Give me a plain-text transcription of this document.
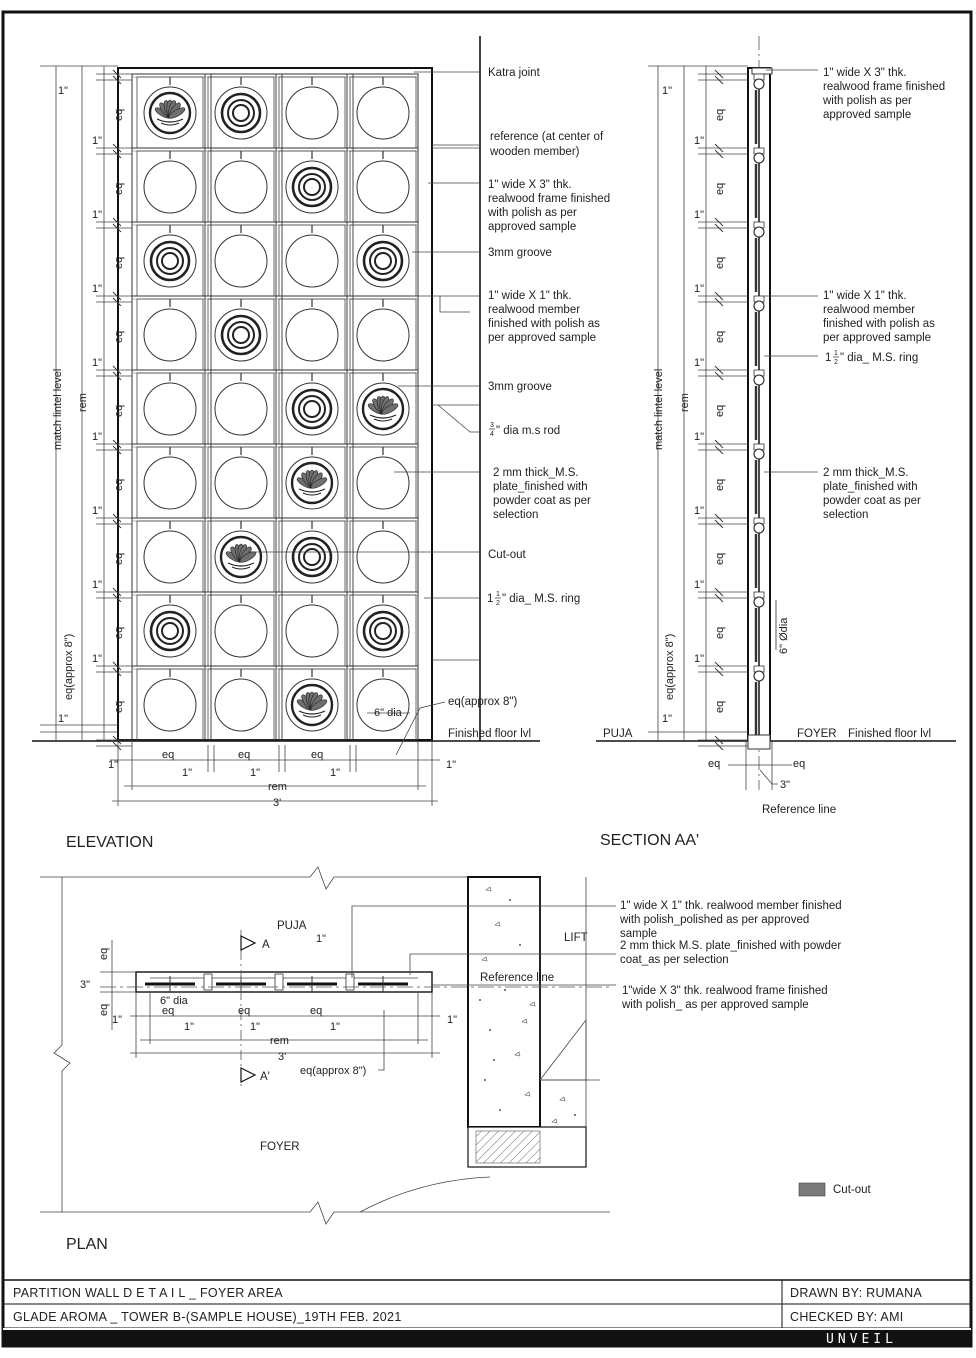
eq
eq
1"
eq
1"
eq
1"
eq
1"
eq
1"
eq
1"
eq
1"
eq
1"
1"
1"
match lintel level rem
eq(approx 8")
1"
eq	eq	eq
1"	1"	1"
1"
rem
3'
Katra joint
reference (at center of
wooden member)
1" wide X 3" thk.
realwood frame finished
with polish as per
approved sample
3mm groove
1" wide X 1" thk.
realwood member
finished with polish as
per approved sample
3mm groove
3
4 " dia m.s rod
2 mm thick_M.S.
plate_finished with
powder coat as per
selection
Cut-out
1 1
2 " dia_ M.S. ring
eq(approx 8")
6" dia
Finished floor lvl
ELEVATION
eq
eq
1"
eq
1"
eq
1"
eq
1"
eq
1"
eq
1"
eq
1"
eq
1"
1"
1"
match lintel level rem
eq(approx 8")
1" wide X 3" thk.
realwood frame finished
with polish as per
approved sample
1" wide X 1" thk.
realwood member
finished with polish as
per approved sample
1 1
2 " dia_ M.S. ring
2 mm thick_M.S.
plate_finished with
powder coat as per
selection
6" Ødia
PUJA	FOYER Finished floor lvl
eq	eq
3"
Reference line
SECTION AA'
A
A'
eq
3"
eq
1"
6" dia
eq	eq	eq
1"	1"	1"
1"
rem
3'
eq(approx 8")
PUJA
1"
FOYER
LIFT
Reference line
1" wide X 1" thk. realwood member finished
with polish_polished as per approved
sample
2 mm thick M.S. plate_finished with powder
coat_as per selection
1"wide X 3" thk. realwood frame finished
with polish_ as per approved sample
Cut-out
PLAN
PARTITION WALL D E T A I L _ FOYER AREA
GLADE AROMA _ TOWER B-(SAMPLE HOUSE)_19TH FEB. 2021
DRAWN BY: RUMANA
CHECKED BY: AMI
UNVEIL
